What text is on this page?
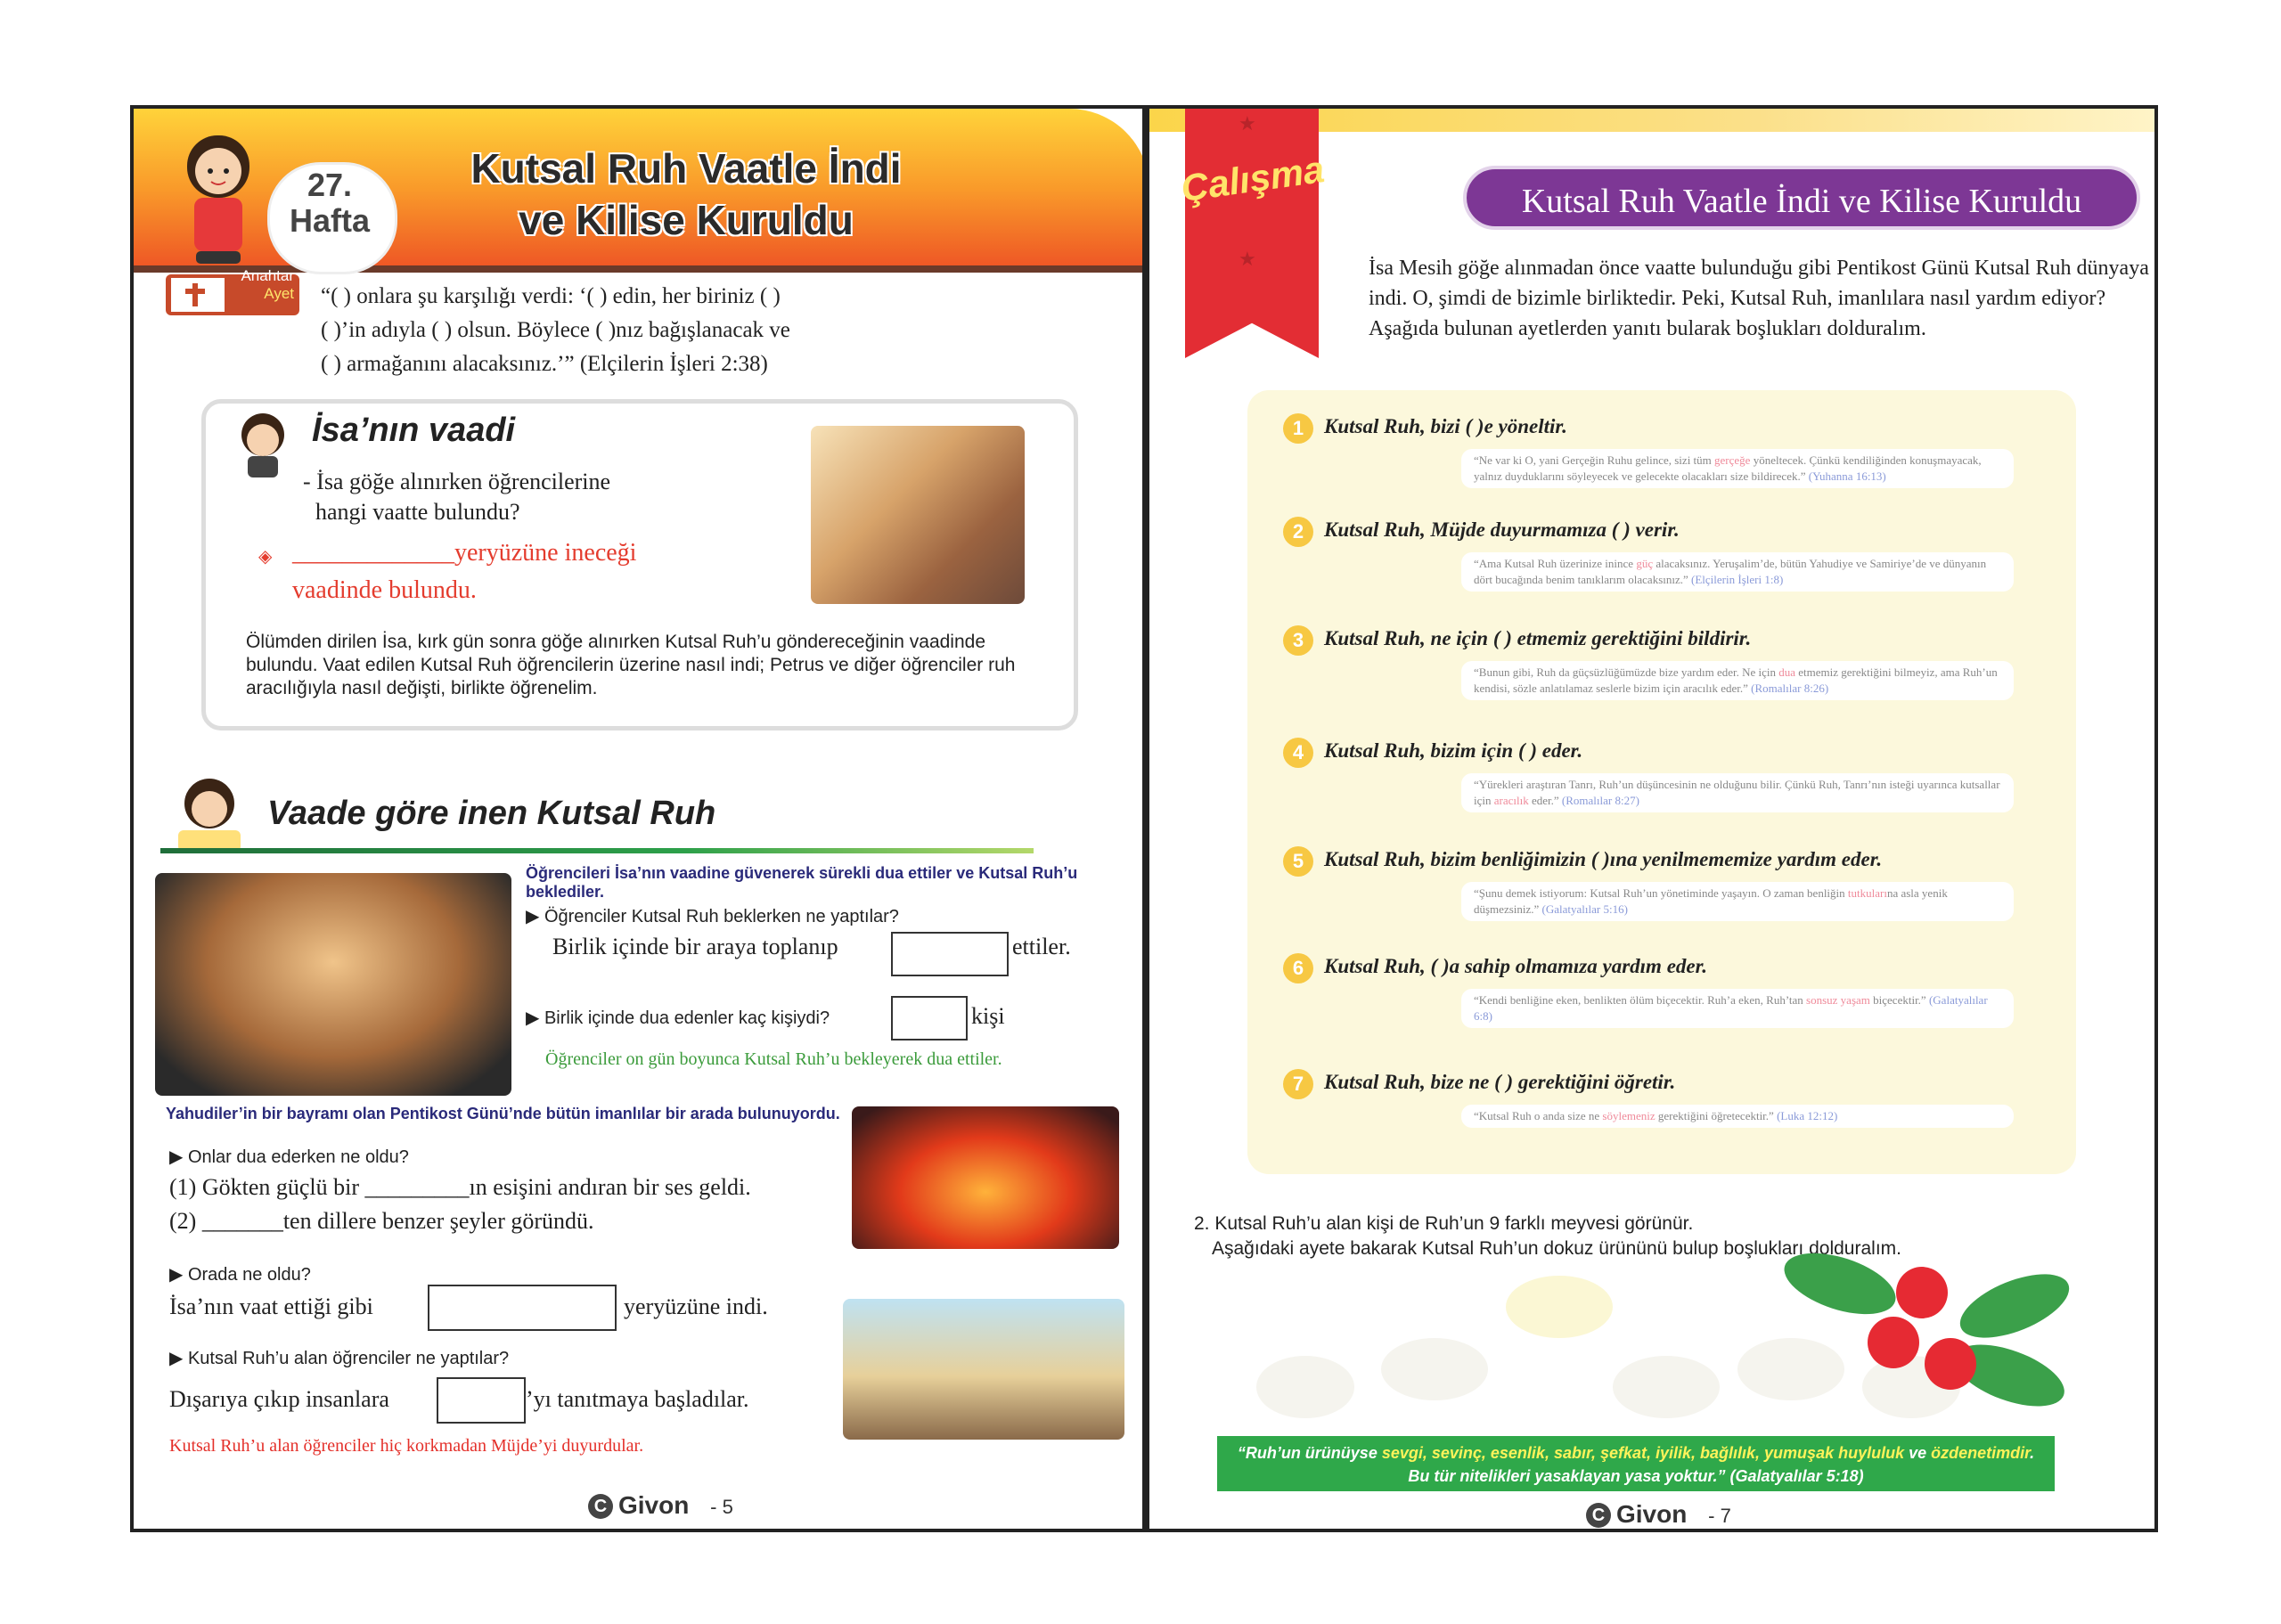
27.
Hafta
Kutsal Ruh Vaatle İndi
ve Kilise Kuruldu
Anahtar
Ayet “( ) onlara şu karşılığı verdi: ‘( ) edin, her biriniz ( )
( )’in adıyla ( ) olsun. Böylece ( )nız bağışlanacak ve
( ) armağanını alacaksınız.’” (Elçilerin İşleri 2:38)
İsa’nın vaadi
- İsa göğe alınırken öğrencilerine
hangi vaatte bulundu?
◈ _____________yeryüzüne ineceği
vaadinde bulundu.
Ölümden dirilen İsa, kırk gün sonra göğe alınırken Kutsal Ruh’u göndereceğinin vaadinde bulundu. Vaat edilen Kutsal Ruh öğrencilerin üzerine nasıl indi; Petrus ve diğer öğrenciler ruh aracılığıyla nasıl değişti, birlikte öğrenelim.
Vaade göre inen Kutsal Ruh
Öğrencileri İsa’nın vaadine güvenerek sürekli dua ettiler ve Kutsal Ruh’u beklediler.
▶ Öğrenciler Kutsal Ruh beklerken ne yaptılar?
Birlik içinde bir araya toplanıp	ettiler.
▶ Birlik içinde dua edenler kaç kişiydi?	kişi
Öğrenciler on gün boyunca Kutsal Ruh’u bekleyerek dua ettiler.
Yahudiler’in bir bayramı olan Pentikost Günü’nde bütün imanlılar bir arada bulunuyordu.
▶ Onlar dua ederken ne oldu?
(1) Gökten güçlü bir _________ın esişini andıran bir ses geldi.
(2) _______ten dillere benzer şeyler göründü.
▶ Orada ne oldu?
İsa’nın vaat ettiği gibi	yeryüzüne indi.
▶ Kutsal Ruh’u alan öğrenciler ne yaptılar?
Dışarıya çıkıp insanlara	’yı tanıtmaya başladılar.
Kutsal Ruh’u alan öğrenciler hiç korkmadan Müjde’yi duyurdular.
C Givon - 5
★
★
Çalışma	Kutsal Ruh Vaatle İndi ve Kilise Kuruldu
İsa Mesih göğe alınmadan önce vaatte bulunduğu gibi Pentikost Günü Kutsal Ruh dünyaya indi. O, şimdi de bizimle birliktedir. Peki, Kutsal Ruh, imanlılara nasıl yardım ediyor? Aşağıda bulunan ayetlerden yanıtı bularak boşlukları dolduralım.
1 Kutsal Ruh, bizi ( )e yöneltir.
“Ne var ki O, yani Gerçeğin Ruhu gelince, sizi tüm gerçeğe yöneltecek. Çünkü kendiliğinden konuşmayacak, yalnız duyduklarını söyleyecek ve gelecekte olacakları size bildirecek.” (Yuhanna 16:13)
2 Kutsal Ruh, Müjde duyurmamıza ( ) verir.
“Ama Kutsal Ruh üzerinize inince güç alacaksınız. Yeruşalim’de, bütün Yahudiye ve Samiriye’de ve dünyanın dört bucağında benim tanıklarım olacaksınız.” (Elçilerin İşleri 1:8)
3 Kutsal Ruh, ne için ( ) etmemiz gerektiğini bildirir.
“Bunun gibi, Ruh da güçsüzlüğümüzde bize yardım eder. Ne için dua etmemiz gerektiğini bilmeyiz, ama Ruh’un kendisi, sözle anlatılamaz seslerle bizim için aracılık eder.” (Romalılar 8:26)
4 Kutsal Ruh, bizim için ( ) eder.
“Yürekleri araştıran Tanrı, Ruh’un düşüncesinin ne olduğunu bilir. Çünkü Ruh, Tanrı’nın isteği uyarınca kutsallar için aracılık eder.” (Romalılar 8:27)
5 Kutsal Ruh, bizim benliğimizin ( )ına yenilmememize yardım eder.
“Şunu demek istiyorum: Kutsal Ruh’un yönetiminde yaşayın. O zaman benliğin tutkularına asla yenik düşmezsiniz.” (Galatyalılar 5:16)
6 Kutsal Ruh, ( )a sahip olmamıza yardım eder.
“Kendi benliğine eken, benlikten ölüm biçecektir. Ruh’a eken, Ruh’tan sonsuz yaşam biçecektir.” (Galatyalılar 6:8)
7 Kutsal Ruh, bize ne ( ) gerektiğini öğretir.
“Kutsal Ruh o anda size ne söylemeniz gerektiğini öğretecektir.” (Luka 12:12)
2. Kutsal Ruh’u alan kişi de Ruh’un 9 farklı meyvesi görünür.
Aşağıdaki ayete bakarak Kutsal Ruh’un dokuz ürününü bulup boşlukları dolduralım.
“Ruh’un ürünüyse sevgi, sevinç, esenlik, sabır, şefkat, iyilik, bağlılık, yumuşak huyluluk ve özdenetimdir.
Bu tür nitelikleri yasaklayan yasa yoktur.” (Galatyalılar 5:18)
C Givon - 7
